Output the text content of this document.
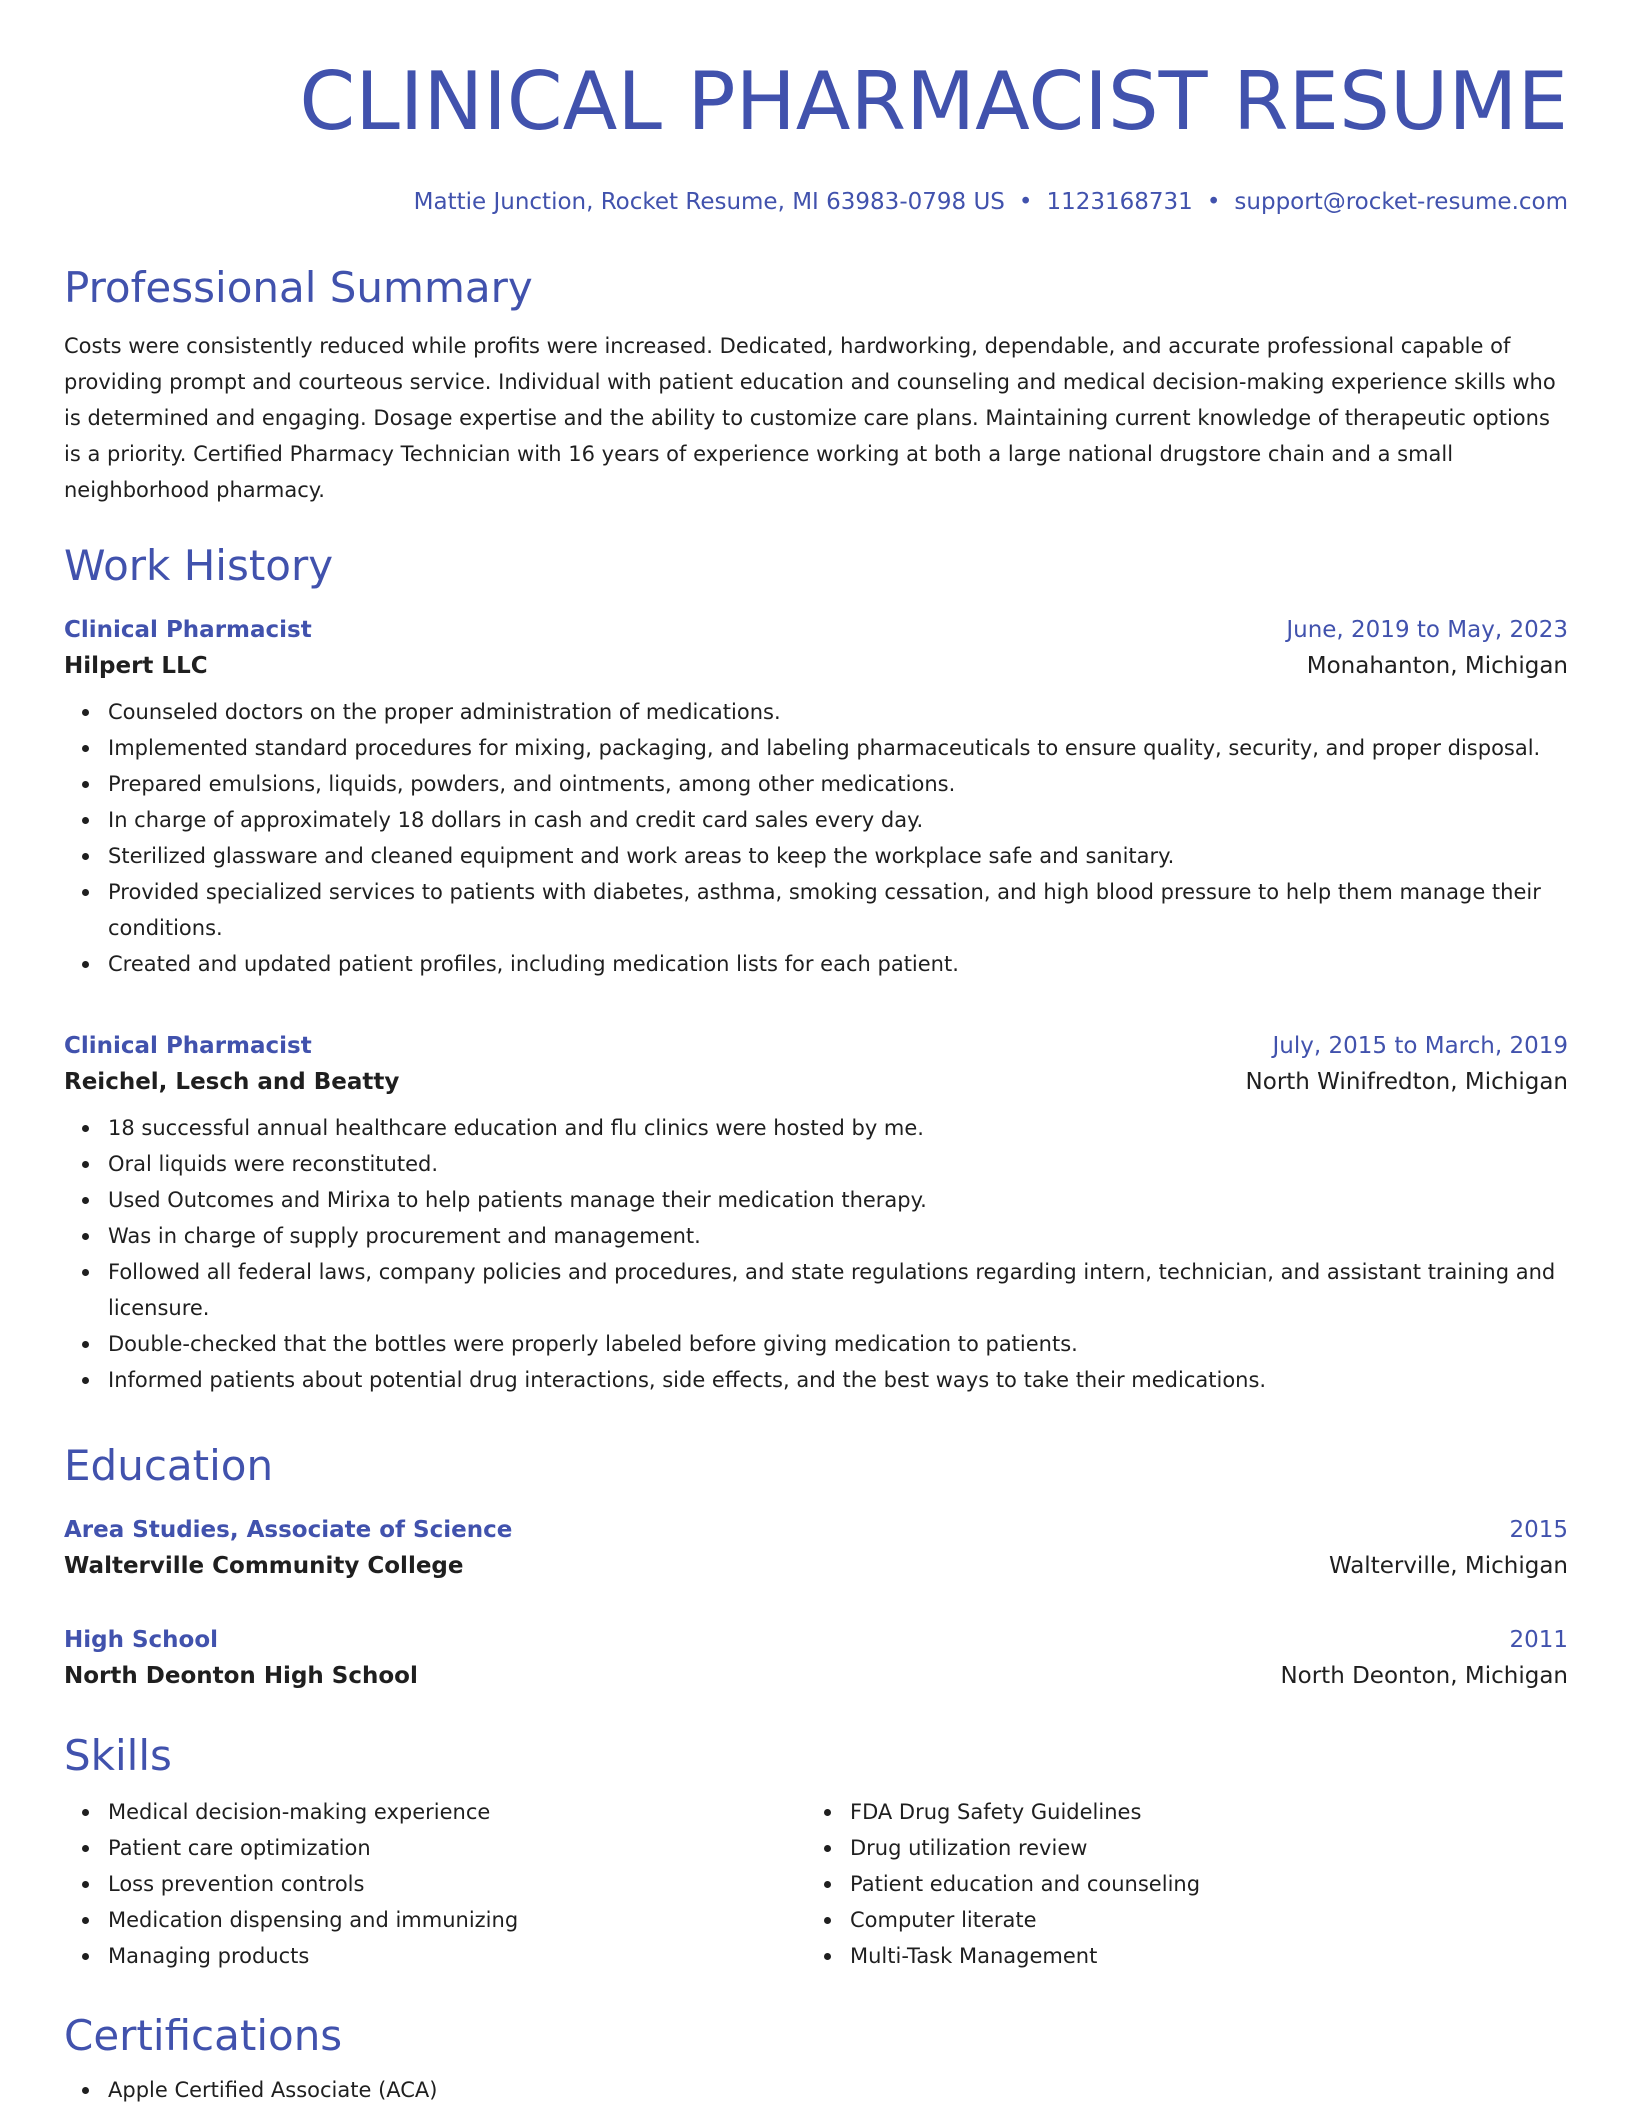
CLINICAL PHARMACIST RESUME
Mattie Junction, Rocket Resume, MI 63983-0798 US • 1123168731 • support@rocket-resume.com
Professional Summary

Costs were consistently reduced while profits were increased. Dedicated, hardworking, dependable, and accurate professional capable of providing prompt and courteous service. Individual with patient education and counseling and medical decision-making experience skills who is determined and engaging. Dosage expertise and the ability to customize care plans. Maintaining current knowledge of therapeutic options is a priority. Certified Pharmacy Technician with 16 years of experience working at both a large national drugstore chain and a small neighborhood pharmacy.

Work History
Clinical Pharmacist	June, 2019 to May, 2023
Hilpert LLC	Monahanton, Michigan
Counseled doctors on the proper administration of medications.
Implemented standard procedures for mixing, packaging, and labeling pharmaceuticals to ensure quality, security, and proper disposal.
Prepared emulsions, liquids, powders, and ointments, among other medications.
In charge of approximately 18 dollars in cash and credit card sales every day.
Sterilized glassware and cleaned equipment and work areas to keep the workplace safe and sanitary.
Provided specialized services to patients with diabetes, asthma, smoking cessation, and high blood pressure to help them manage their conditions.
Created and updated patient profiles, including medication lists for each patient.
Clinical Pharmacist	July, 2015 to March, 2019
Reichel, Lesch and Beatty	North Winifredton, Michigan
18 successful annual healthcare education and flu clinics were hosted by me.
Oral liquids were reconstituted.
Used Outcomes and Mirixa to help patients manage their medication therapy.
Was in charge of supply procurement and management.
Followed all federal laws, company policies and procedures, and state regulations regarding intern, technician, and assistant training and licensure.
Double-checked that the bottles were properly labeled before giving medication to patients.
Informed patients about potential drug interactions, side effects, and the best ways to take their medications.
Education
Area Studies, Associate of Science	2015
Walterville Community College	Walterville, Michigan
High School	2011
North Deonton High School	North Deonton, Michigan
Skills
Medical decision-making experience
Patient care optimization
Loss prevention controls
Medication dispensing and immunizing
Managing products
FDA Drug Safety Guidelines
Drug utilization review
Patient education and counseling
Computer literate
Multi-Task Management
Certifications
Apple Certified Associate (ACA)
